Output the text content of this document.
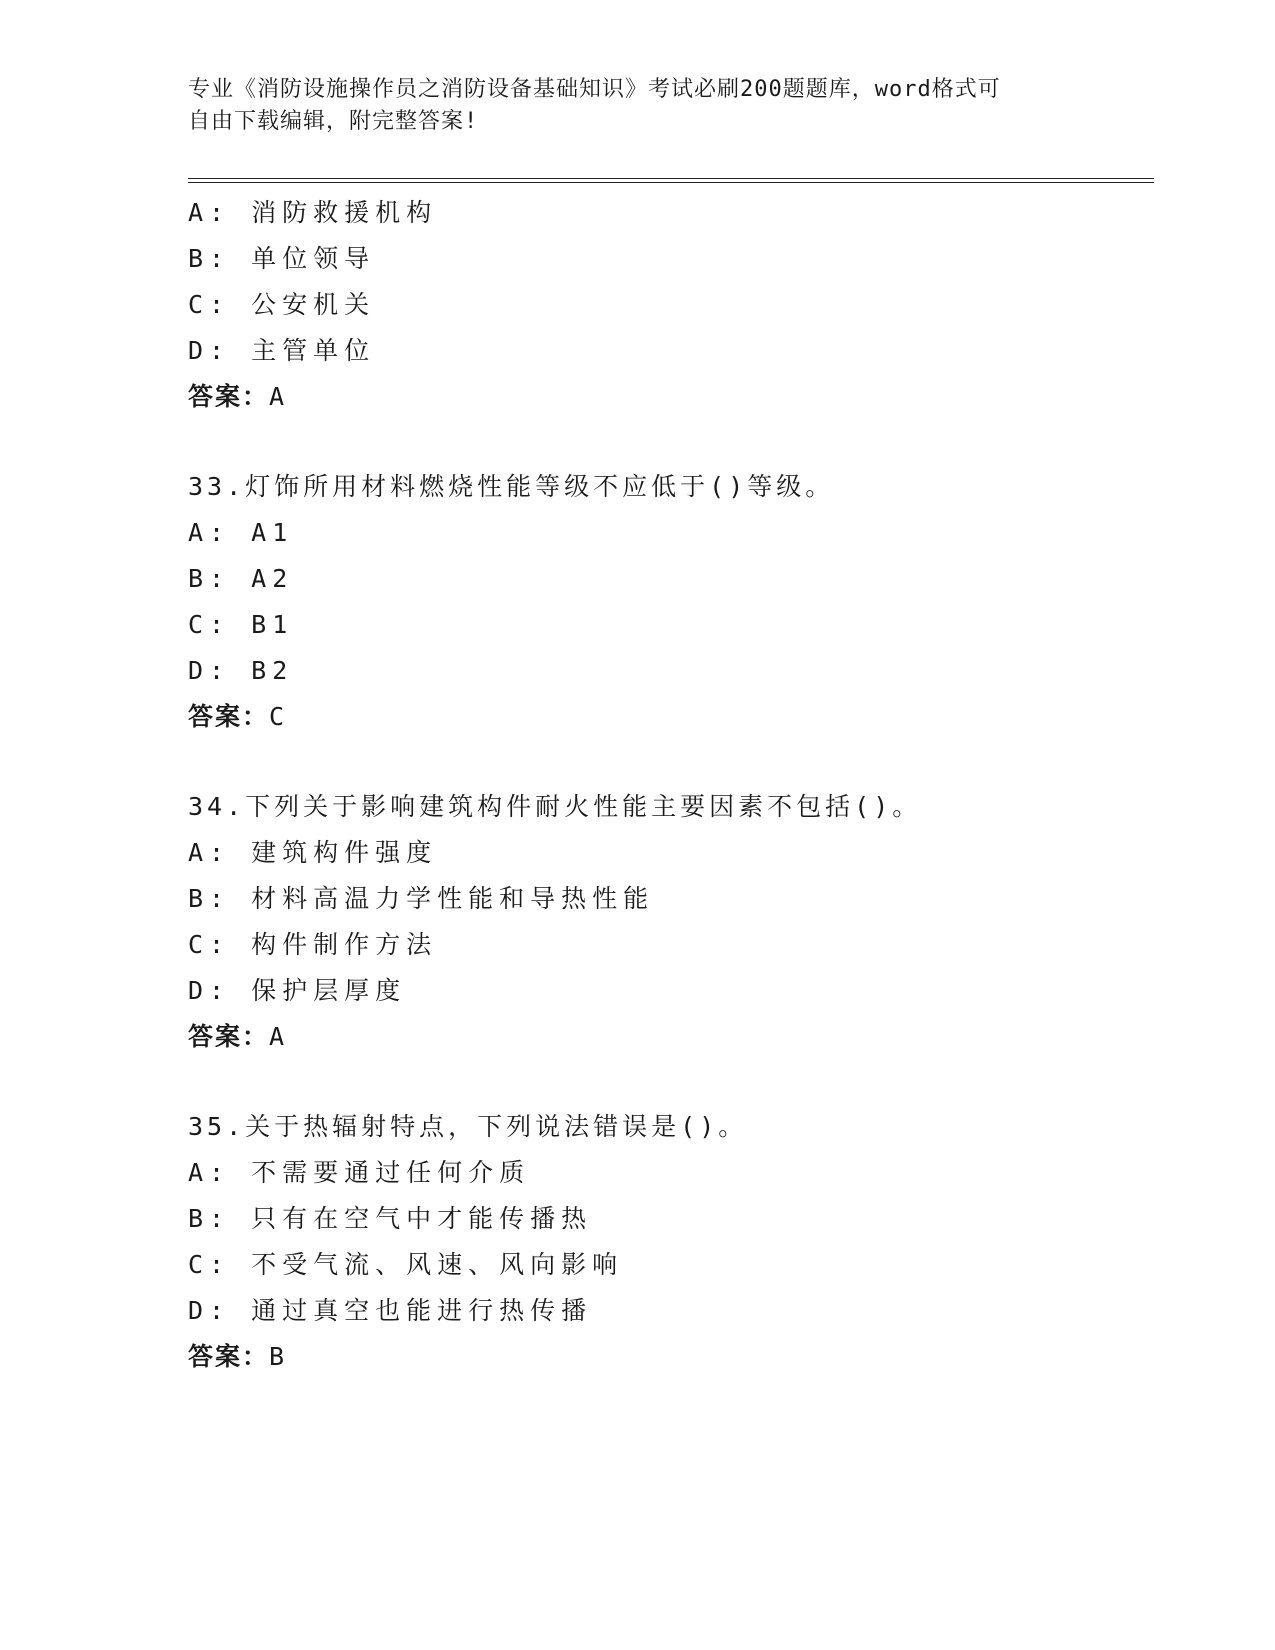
专业《消防设施操作员之消防设备基础知识》考试必刷200题题库，word格式可
自由下载编辑，附完整答案!
A: 消防救援机构
B: 单位领导
C: 公安机关
D: 主管单位
答案：A
33.灯饰所用材料燃烧性能等级不应低于()等级。
A: A1
B: A2
C: B1
D: B2
答案：C
34.下列关于影响建筑构件耐火性能主要因素不包括()。
A: 建筑构件强度
B: 材料高温力学性能和导热性能
C: 构件制作方法
D: 保护层厚度
答案：A
35.关于热辐射特点，下列说法错误是()。
A: 不需要通过任何介质
B: 只有在空气中才能传播热
C: 不受气流、风速、风向影响
D: 通过真空也能进行热传播
答案：B
